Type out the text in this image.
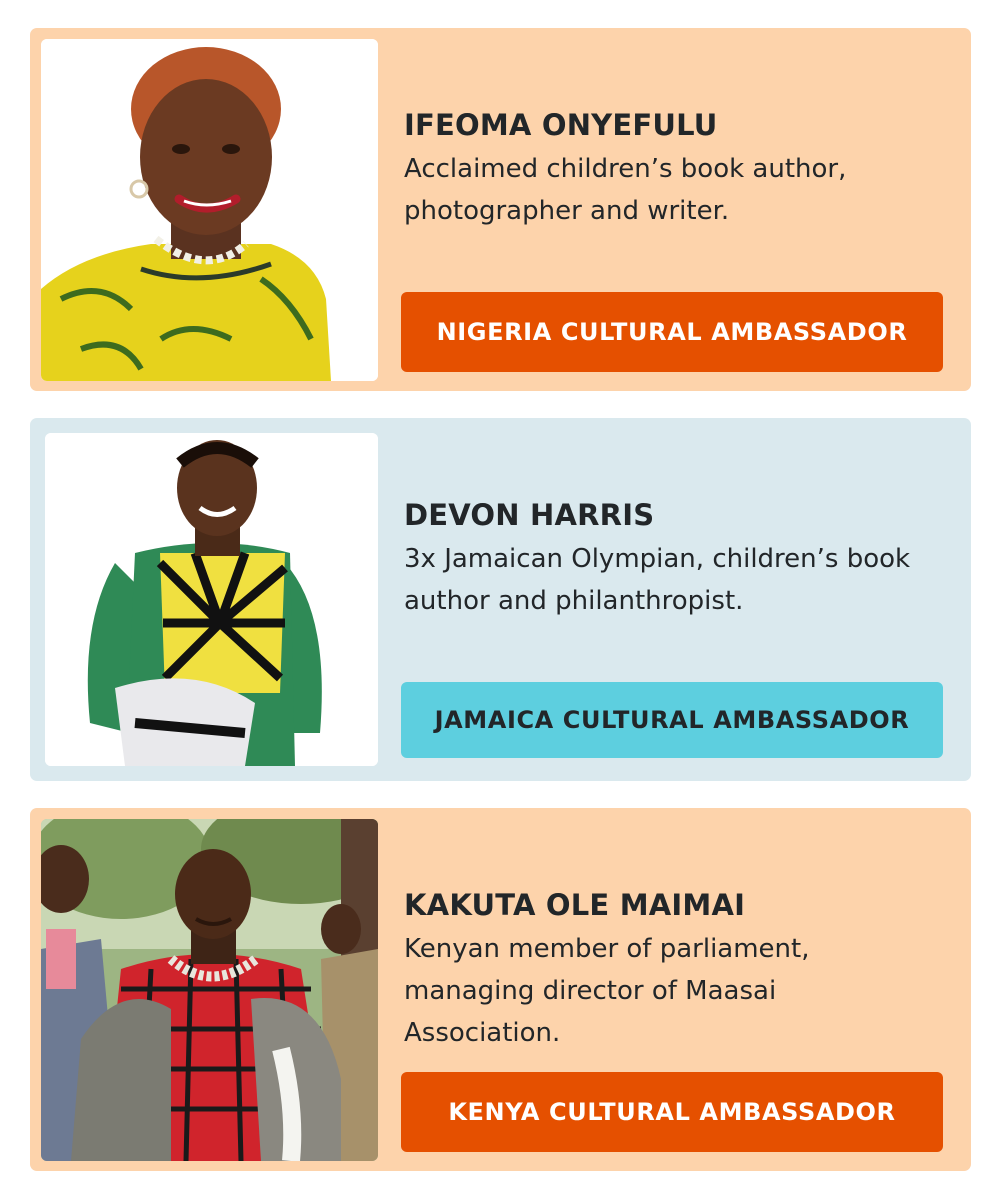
IFEOMA ONYEFULU
Acclaimed children’s book author, photographer and writer.
NIGERIA CULTURAL AMBASSADOR
DEVON HARRIS
3x Jamaican Olympian, children’s book author and philanthropist.
JAMAICA CULTURAL AMBASSADOR
KAKUTA OLE MAIMAI
Kenyan member of parliament, managing director of Maasai Association.
KENYA CULTURAL AMBASSADOR
